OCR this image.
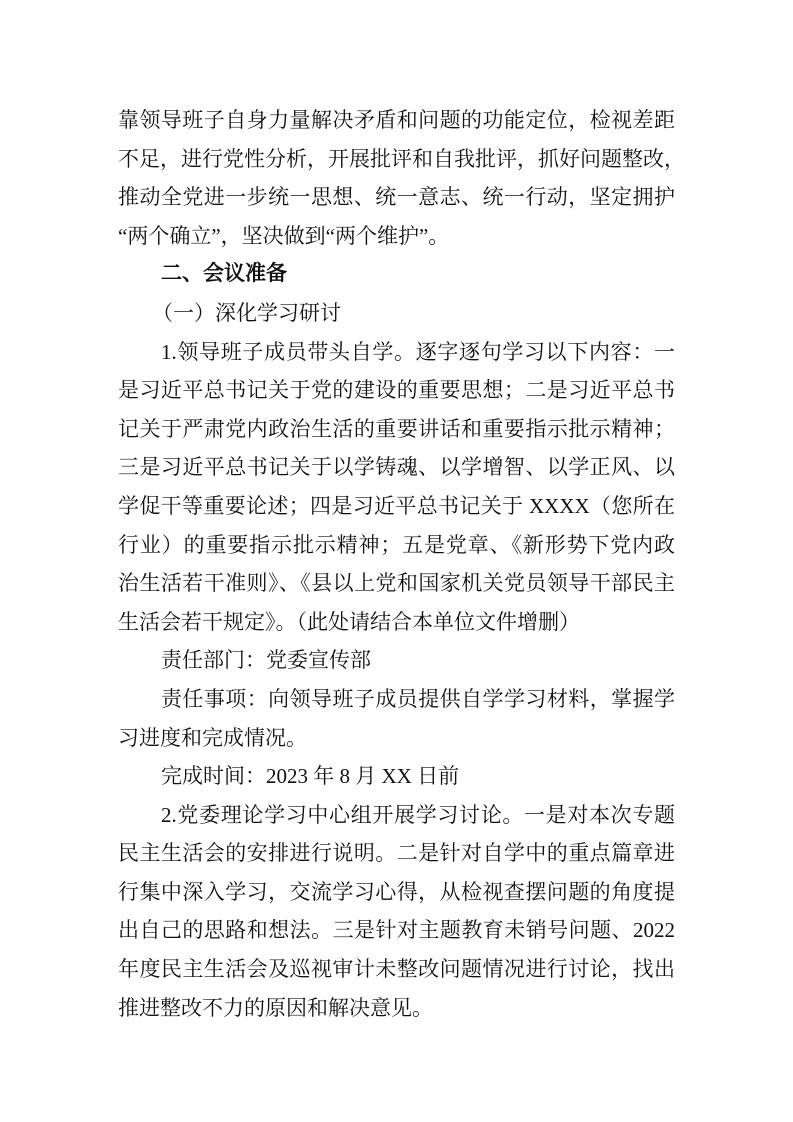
靠领导班子自身力量解决矛盾和问题的功能定位，检视差距
不足，进行党性分析，开展批评和自我批评，抓好问题整改，
推动全党进一步统一思想、统一意志、统一行动，坚定拥护
“两个确立”，坚决做到“两个维护”。
二、会议准备
（一）深化学习研讨
1.领导班子成员带头自学。逐字逐句学习以下内容：一
是习近平总书记关于党的建设的重要思想；二是习近平总书
记关于严肃党内政治生活的重要讲话和重要指示批示精神；
三是习近平总书记关于以学铸魂、以学增智、以学正风、以
学促干等重要论述；四是习近平总书记关于 XXXX（您所在
行业）的重要指示批示精神；五是党章、《新形势下党内政
治生活若干准则》、《县以上党和国家机关党员领导干部民主
生活会若干规定》。（此处请结合本单位文件增删）
责任部门：党委宣传部
责任事项：向领导班子成员提供自学学习材料，掌握学
习进度和完成情况。
完成时间：2023 年 8 月 XX 日前
2.党委理论学习中心组开展学习讨论。一是对本次专题
民主生活会的安排进行说明。二是针对自学中的重点篇章进
行集中深入学习，交流学习心得，从检视查摆问题的角度提
出自己的思路和想法。三是针对主题教育未销号问题、2022
年度民主生活会及巡视审计未整改问题情况进行讨论，找出
推进整改不力的原因和解决意见。
